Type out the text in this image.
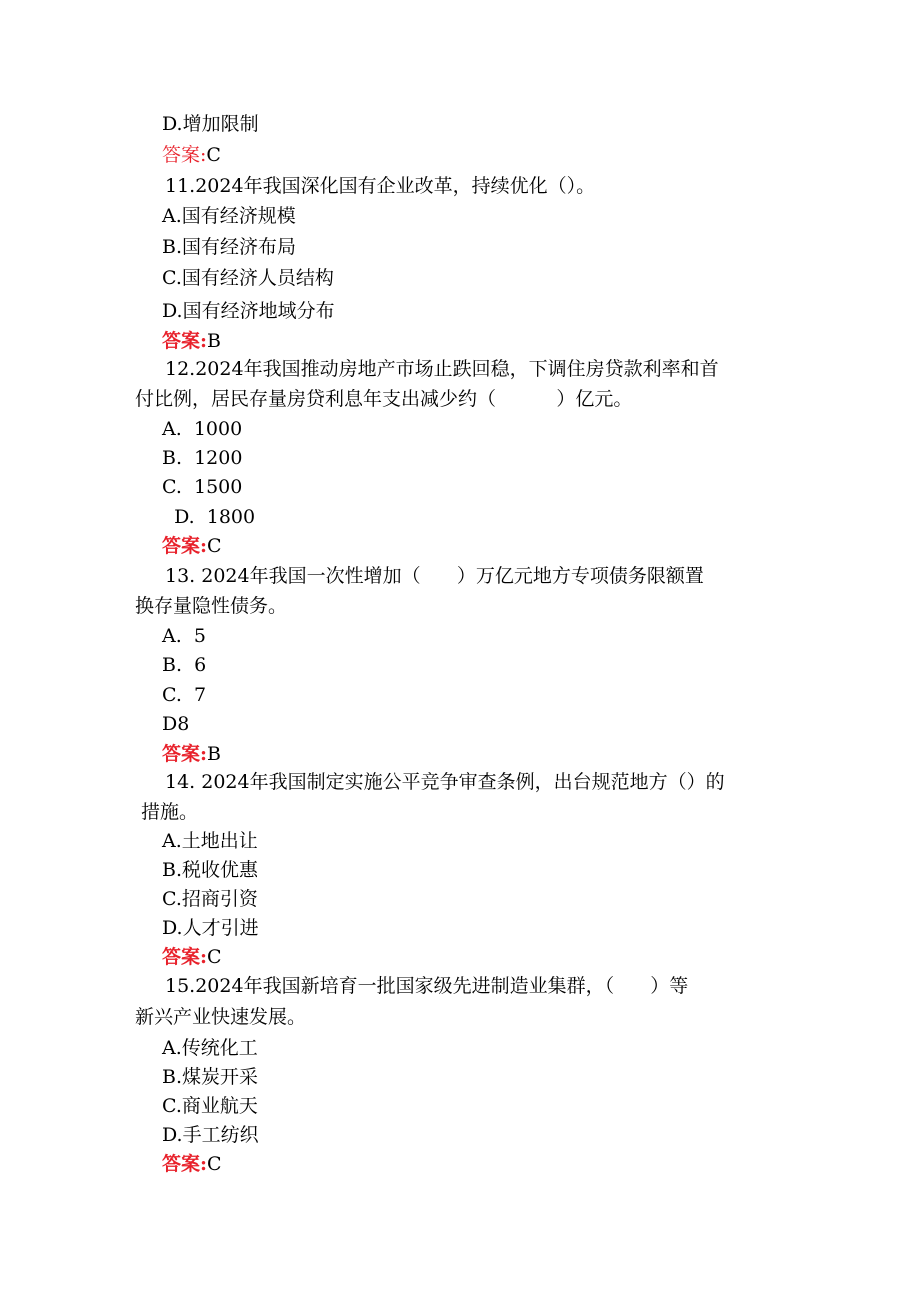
D.增加限制
答案:C
11.2024年我国深化国有企业改革，持续优化（）。
A.国有经济规模
B.国有经济布局
C.国有经济人员结构
D.国有经济地域分布
答案:B
12.2024年我国推动房地产市场止跌回稳，下调住房贷款利率和首
付比例，居民存量房贷利息年支出减少约（          ）亿元。
A.  1000
B.  1200
C.  1500
D.  1800
答案:C
13. 2024年我国一次性增加（      ）万亿元地方专项债务限额置
换存量隐性债务。
A.  5
B.  6
C.  7
D8
答案:B
14. 2024年我国制定实施公平竞争审查条例，出台规范地方（）的
措施。
A.土地出让
B.税收优惠
C.招商引资
D.人才引进
答案:C
15.2024年我国新培育一批国家级先进制造业集群，（      ）等
新兴产业快速发展。
A.传统化工
B.煤炭开采
C.商业航天
D.手工纺织
答案:C
